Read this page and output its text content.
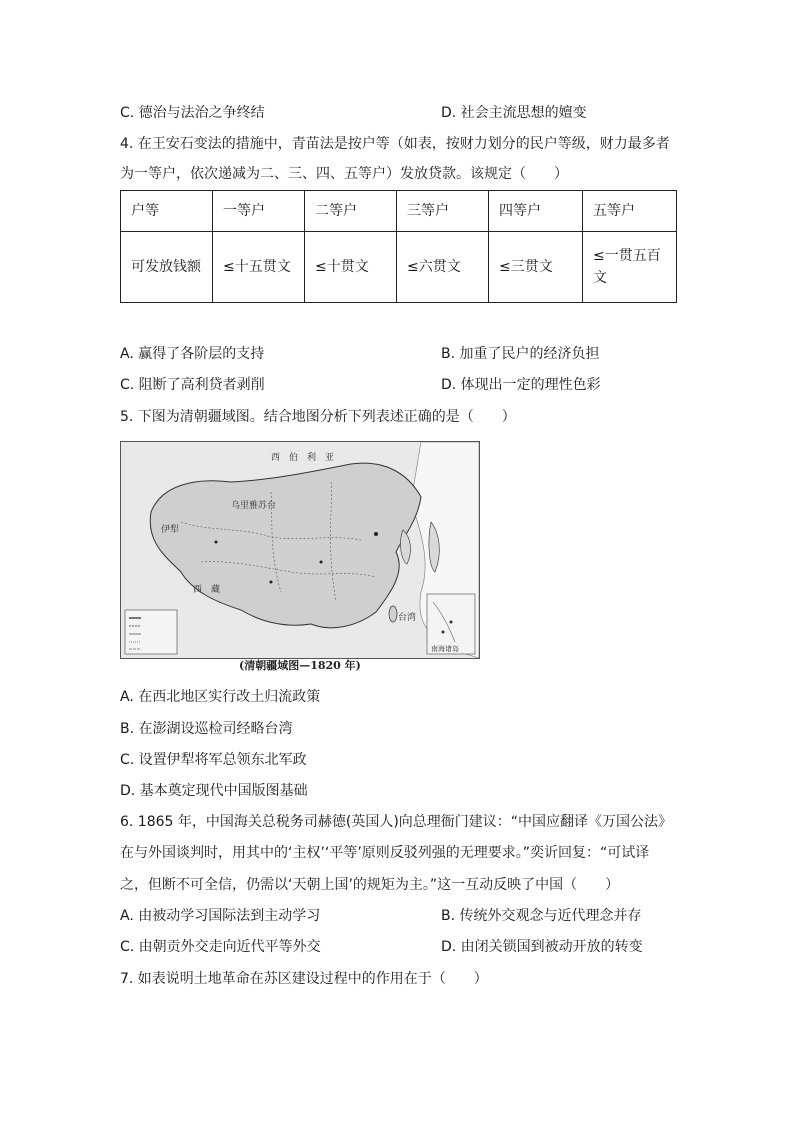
C. 德治与法治之争终结	D. 社会主流思想的嬗变
4. 在王安石变法的措施中，青苗法是按户等（如表，按财力划分的民户等级，财力最多者
为一等户，依次递减为二、三、四、五等户）发放贷款。该规定（　　）
户等	一等户	二等户	三等户	四等户	五等户
可发放钱额	≤十五贯文	≤十贯文	≤六贯文	≤三贯文	≤一贯五百文
A. 赢得了各阶层的支持	B. 加重了民户的经济负担
C. 阻断了高利贷者剥削	D. 体现出一定的理性色彩
5. 下图为清朝疆域图。结合地图分析下列表述正确的是（　　）
西　伯　利　亚
乌里雅苏台
伊犁
西　藏
台湾
南海诸岛
(清朝疆域图—1820 年)
A. 在西北地区实行改土归流政策
B. 在澎湖设巡检司经略台湾
C. 设置伊犁将军总领东北军政
D. 基本奠定现代中国版图基础
6. 1865 年，中国海关总税务司赫德(英国人)向总理衙门建议：“中国应翻译《万国公法》
在与外国谈判时，用其中的‘主权’‘平等’原则反驳列强的无理要求。”奕䜣回复：“可试译
之，但断不可全信，仍需以‘天朝上国’的规矩为主。”这一互动反映了中国（　　）
A. 由被动学习国际法到主动学习	B. 传统外交观念与近代理念并存
C. 由朝贡外交走向近代平等外交	D. 由闭关锁国到被动开放的转变
7. 如表说明土地革命在苏区建设过程中的作用在于（　　）
